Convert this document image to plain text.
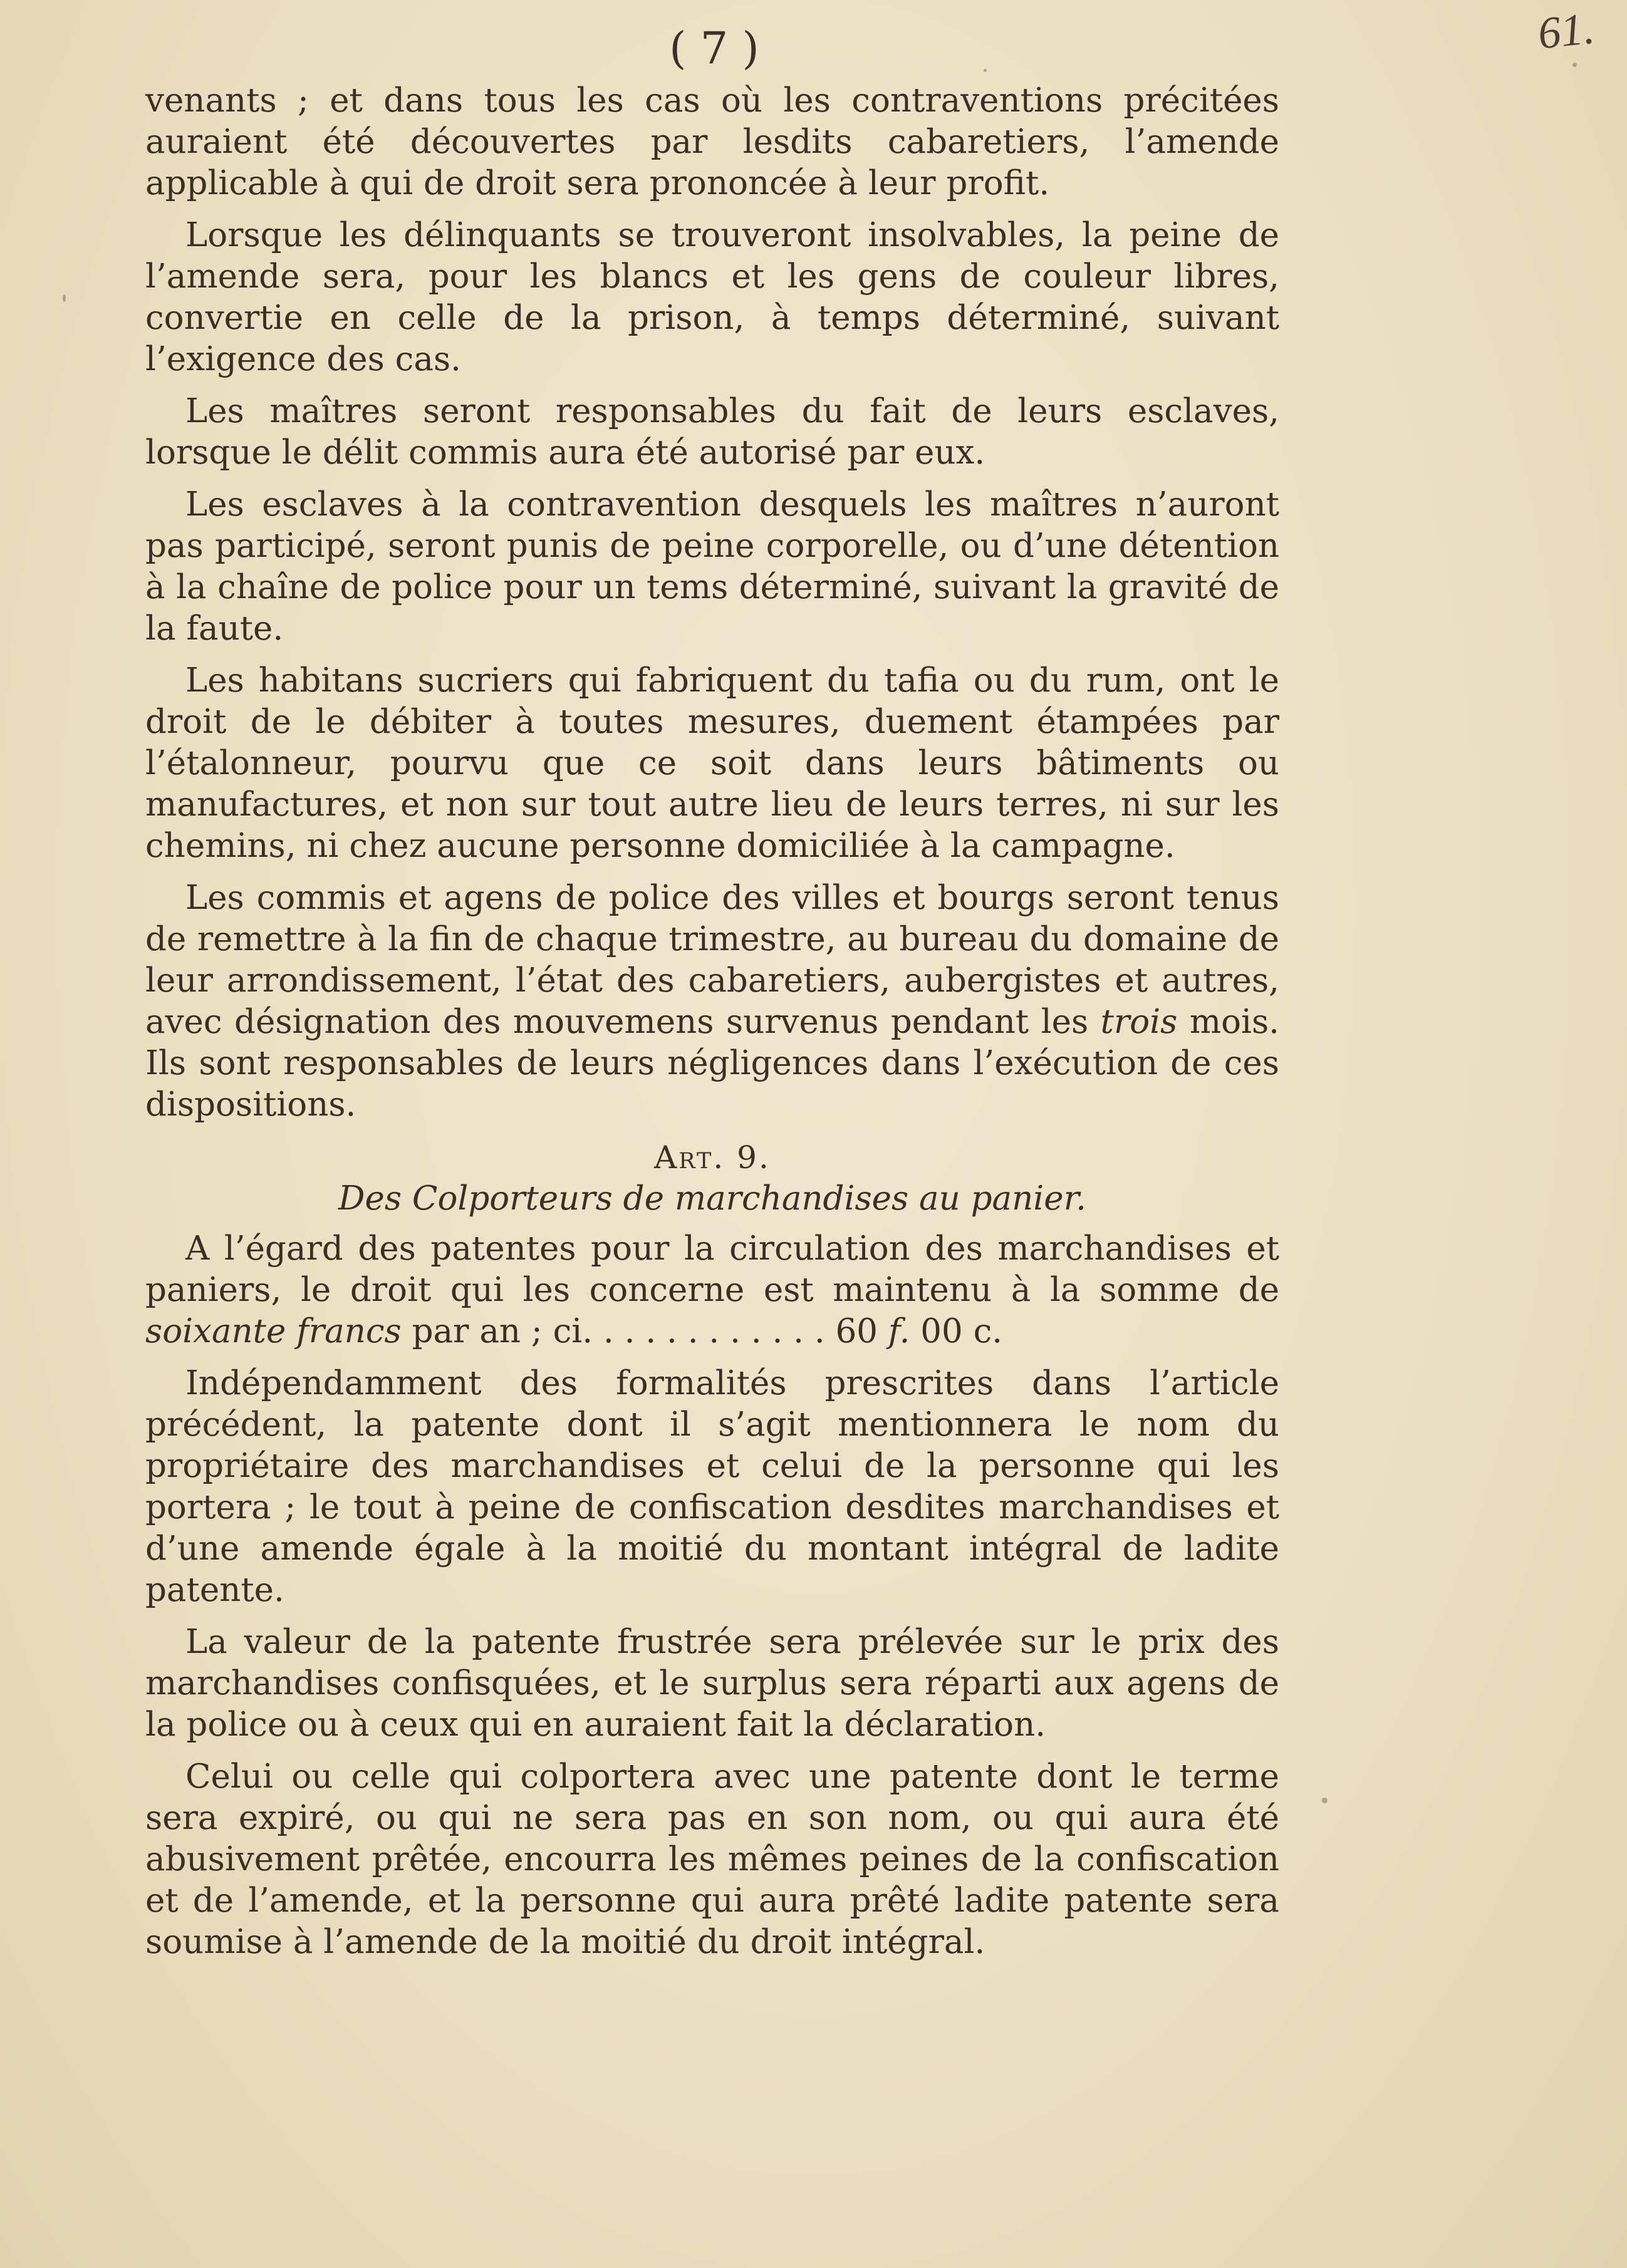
( 7 )	61.

venants ; et dans tous les cas où les contraventions précitées auraient été découvertes par lesdits cabaretiers, l’amende applicable à qui de droit sera prononcée à leur profit.

Lorsque les délinquants se trouveront insolvables, la peine de l’amende sera, pour les blancs et les gens de couleur libres, convertie en celle de la prison, à temps déterminé, suivant l’exigence des cas.

Les maîtres seront responsables du fait de leurs esclaves, lorsque le délit commis aura été autorisé par eux.

Les esclaves à la contravention desquels les maîtres n’auront pas participé, seront punis de peine corporelle, ou d’une détention à la chaîne de police pour un tems déterminé, suivant la gravité de la faute.

Les habitans sucriers qui fabriquent du tafia ou du rum, ont le droit de le débiter à toutes mesures, duement étampées par l’étalonneur, pourvu que ce soit dans leurs bâtiments ou manufactures, et non sur tout autre lieu de leurs terres, ni sur les chemins, ni chez aucune personne domiciliée à la campagne.

Les commis et agens de police des villes et bourgs seront tenus de remettre à la fin de chaque trimestre, au bureau du domaine de leur arrondissement, l’état des cabaretiers, aubergistes et autres, avec désignation des mouvemens survenus pendant les trois mois. Ils sont responsables de leurs négligences dans l’exécution de ces dispositions.

Art. 9.
Des Colporteurs de marchandises au panier.

A l’égard des patentes pour la circulation des marchandises et paniers, le droit qui les concerne est maintenu à la somme de soixante francs par an ; ci. . . . . . . . . . . . 60 f. 00 c.

Indépendamment des formalités prescrites dans l’article précédent, la patente dont il s’agit mentionnera le nom du propriétaire des marchandises et celui de la personne qui les portera ; le tout à peine de confiscation desdites marchandises et d’une amende égale à la moitié du montant intégral de ladite patente.

La valeur de la patente frustrée sera prélevée sur le prix des marchandises confisquées, et le surplus sera réparti aux agens de la police ou à ceux qui en auraient fait la déclaration.

Celui ou celle qui colportera avec une patente dont le terme sera expiré, ou qui ne sera pas en son nom, ou qui aura été abusivement prêtée, encourra les mêmes peines de la confiscation et de l’amende, et la personne qui aura prêté ladite patente sera soumise à l’amende de la moitié du droit intégral.
